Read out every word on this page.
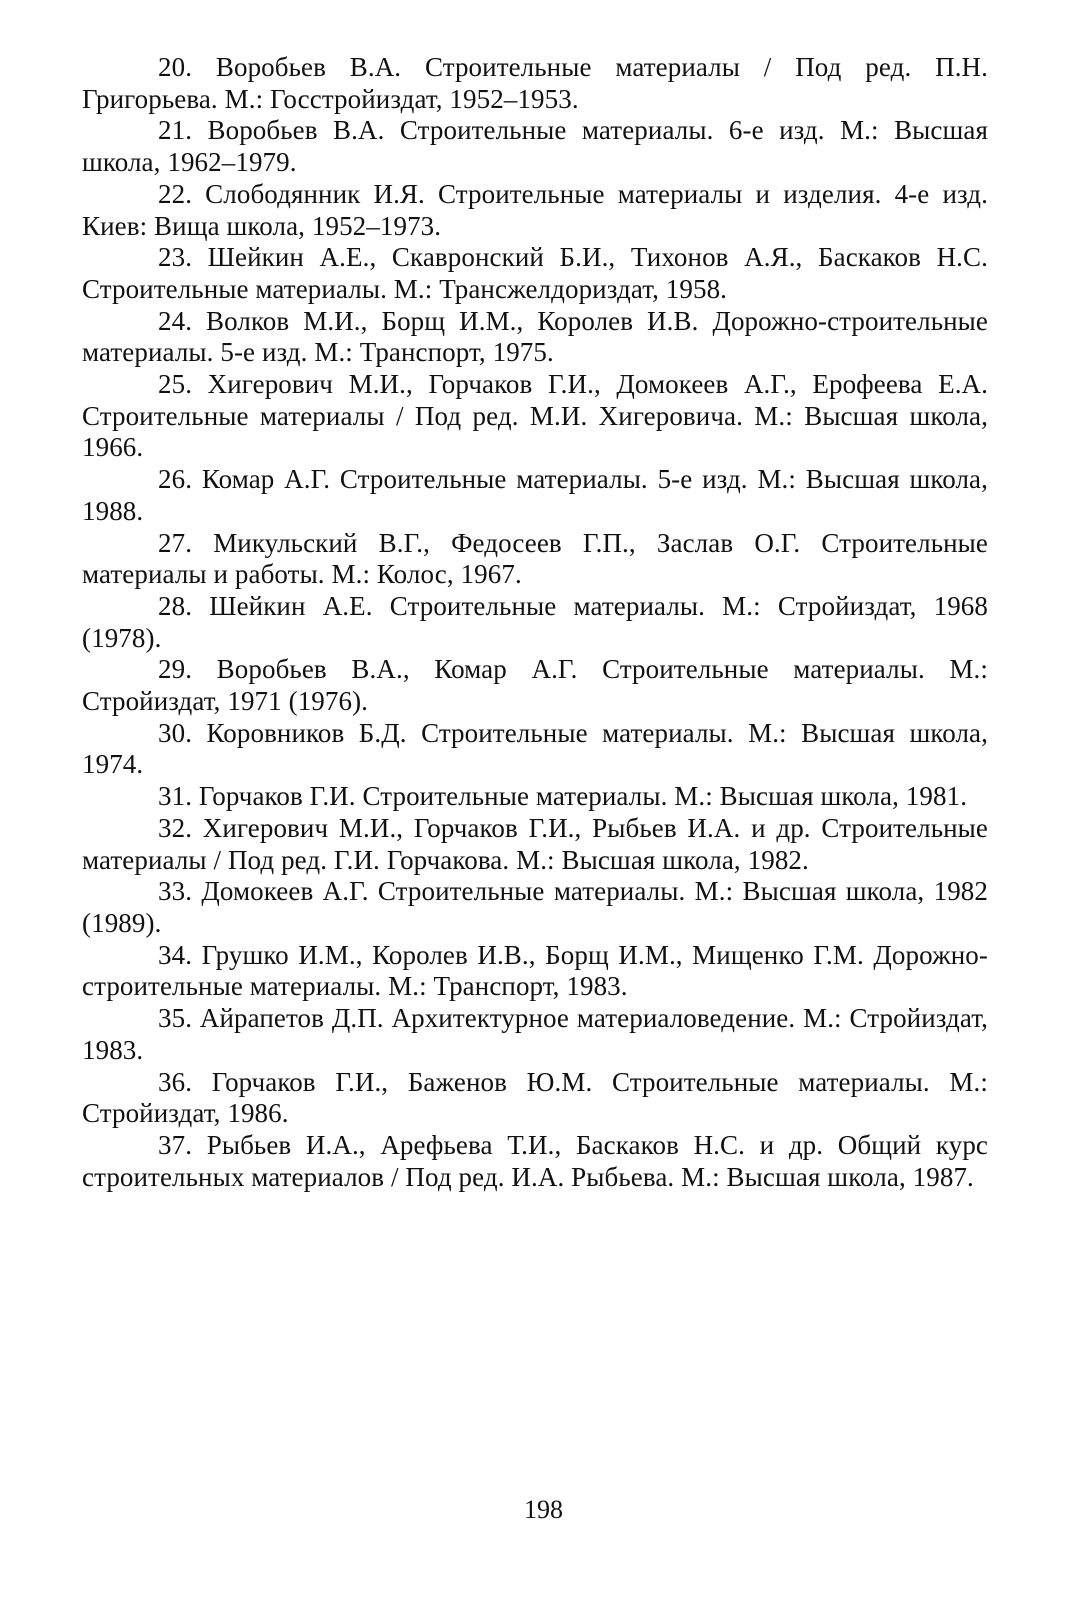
20. Воробьев В.А. Строительные материалы / Под ред. П.Н. Григорьева. М.: Госстройиздат, 1952–1953.

21. Воробьев В.А. Строительные материалы. 6-е изд. М.: Высшая школа, 1962–1979.

22. Слободянник И.Я. Строительные материалы и изделия. 4-е изд. Киев: Вища школа, 1952–1973.

23. Шейкин А.Е., Скавронский Б.И., Тихонов А.Я., Баскаков Н.С. Строительные материалы. М.: Трансжелдориздат, 1958.

24. Волков М.И., Борщ И.М., Королев И.В. Дорожно-строительные материалы. 5-е изд. М.: Транспорт, 1975.

25. Хигерович М.И., Горчаков Г.И., Домокеев А.Г., Ерофеева Е.А. Строительные материалы / Под ред. М.И. Хигеровича. М.: Высшая школа, 1966.

26. Комар А.Г. Строительные материалы. 5-е изд. М.: Высшая школа, 1988.

27. Микульский В.Г., Федосеев Г.П., Заслав О.Г. Строительные материалы и работы. М.: Колос, 1967.

28. Шейкин А.Е. Строительные материалы. М.: Стройиздат, 1968 (1978).

29. Воробьев В.А., Комар А.Г. Строительные материалы. М.: Стройиздат, 1971 (1976).

30. Коровников Б.Д. Строительные материалы. М.: Высшая школа, 1974.

31. Горчаков Г.И. Строительные материалы. М.: Высшая школа, 1981.

32. Хигерович М.И., Горчаков Г.И., Рыбьев И.А. и др. Строительные материалы / Под ред. Г.И. Горчакова. М.: Высшая школа, 1982.

33. Домокеев А.Г. Строительные материалы. М.: Высшая школа, 1982 (1989).

34. Грушко И.М., Королев И.В., Борщ И.М., Мищенко Г.М. Дорожно-строительные материалы. М.: Транспорт, 1983.

35. Айрапетов Д.П. Архитектурное материаловедение. М.: Стройиздат, 1983.

36. Горчаков Г.И., Баженов Ю.М. Строительные материалы. М.: Стройиздат, 1986.

37. Рыбьев И.А., Арефьева Т.И., Баскаков Н.С. и др. Общий курс строительных материалов / Под ред. И.А. Рыбьева. М.: Высшая школа, 1987.

198
